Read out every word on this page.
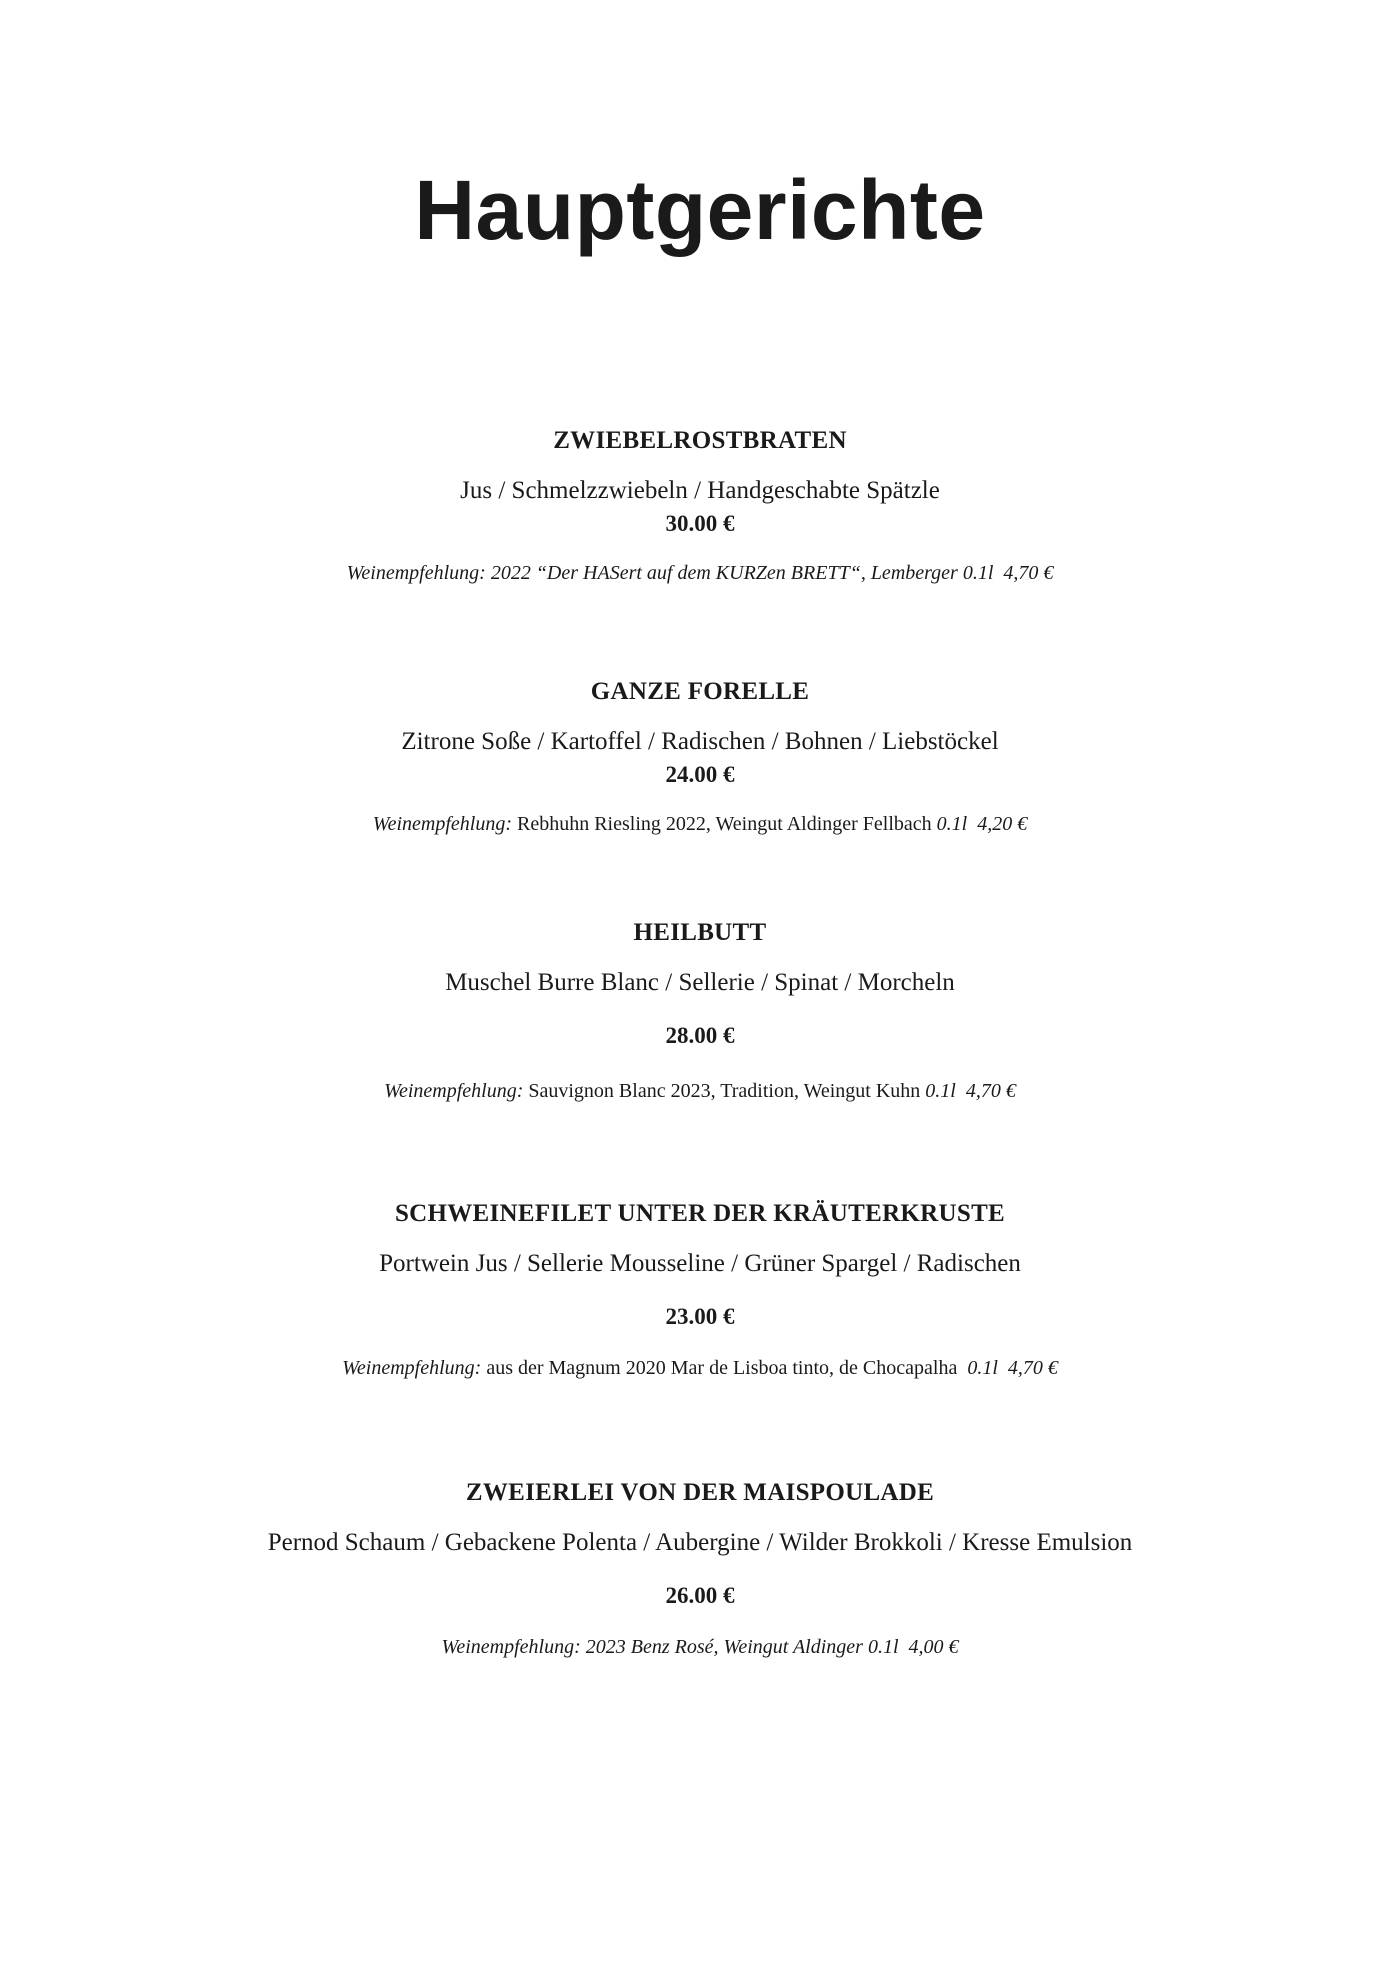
Hauptgerichte
ZWIEBELROSTBRATEN
Jus / Schmelzzwiebeln / Handgeschabte Spätzle
30.00 €
Weinempfehlung: 2022 “Der HASert auf dem KURZen BRETT“, Lemberger 0.1l 4,70 €
GANZE FORELLE
Zitrone Soße / Kartoffel / Radischen / Bohnen / Liebstöckel
24.00 €
Weinempfehlung: Rebhuhn Riesling 2022, Weingut Aldinger Fellbach 0.1l 4,20 €
HEILBUTT
Muschel Burre Blanc / Sellerie / Spinat / Morcheln
28.00 €
Weinempfehlung: Sauvignon Blanc 2023, Tradition, Weingut Kuhn 0.1l 4,70 €
SCHWEINEFILET UNTER DER KRÄUTERKRUSTE
Portwein Jus / Sellerie Mousseline / Grüner Spargel / Radischen
23.00 €
Weinempfehlung: aus der Magnum 2020 Mar de Lisboa tinto, de Chocapalha 0.1l 4,70 €
ZWEIERLEI VON DER MAISPOULADE
Pernod Schaum / Gebackene Polenta / Aubergine / Wilder Brokkoli / Kresse Emulsion
26.00 €
Weinempfehlung: 2023 Benz Rosé, Weingut Aldinger 0.1l 4,00 €
